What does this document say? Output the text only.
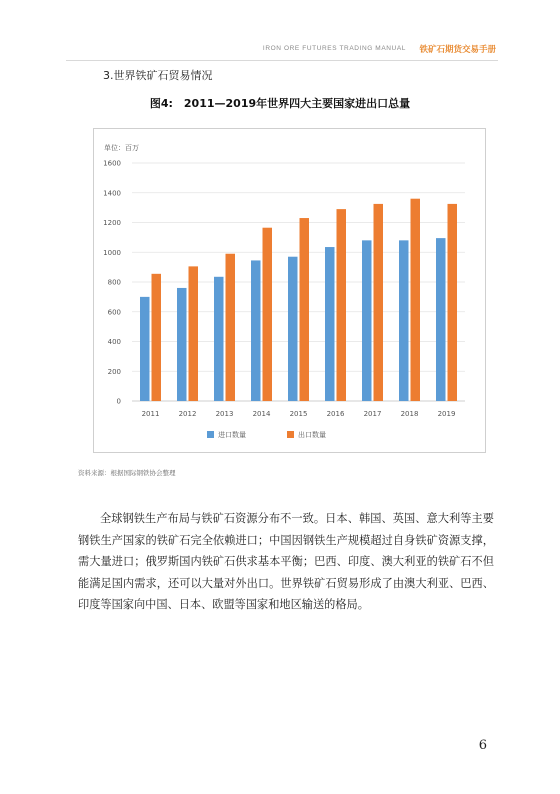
IRON ORE FUTURES TRADING MANUAL 铁矿石期货交易手册
3.世界铁矿石贸易情况
图4:　2011—2019年世界四大主要国家进出口总量
单位：百万
0
200
400
600
800
1000
1200
1400
1600
2011	2012	2013	2014	2015	2016	2017	2018	2019
进口数量	出口数量
资料来源：根据国际钢铁协会整理

全球钢铁生产布局与铁矿石资源分布不一致。日本、韩国、英国、意大利等主要钢铁生产国家的铁矿石完全依赖进口；中国因钢铁生产规模超过自身铁矿资源支撑，需大量进口；俄罗斯国内铁矿石供求基本平衡；巴西、印度、澳大利亚的铁矿石不但能满足国内需求，还可以大量对外出口。世界铁矿石贸易形成了由澳大利亚、巴西、印度等国家向中国、日本、欧盟等国家和地区输送的格局。

6
